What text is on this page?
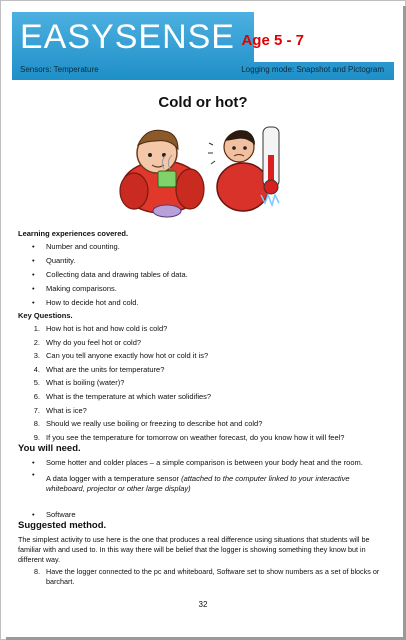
EASYSENSE Age 5 - 7
Sensors: Temperature	Logging mode: Snapshot and Pictogram
Cold or hot?
Learning experiences covered.
• Number and counting.
• Quantity.
• Collecting data and drawing tables of data.
• Making comparisons.
• How to decide hot and cold.
Key Questions.
1. How hot is hot and how cold is cold?
2. Why do you feel hot or cold?
3. Can you tell anyone exactly how hot or cold it is?
4. What are the units for temperature?
5. What is boiling (water)?
6. What is the temperature at which water solidifies?
7. What is ice?
8. Should we really use boiling or freezing to describe hot and cold?
9. If you see the temperature for tomorrow on weather forecast, do you know how it will feel?
You will need.
• Some hotter and colder places – a simple comparison is between your body heat and the room.
• A data logger with a temperature sensor (attached to the computer linked to your interactive whiteboard, projector or other large display)
• Software
Suggested method.
The simplest activity to use here is the one that produces a real difference using situations that students will be familiar with and used to. In this way there will be belief that the logger is showing something they know but in different way.
8. Have the logger connected to the pc and whiteboard, Software set to show numbers as a set of blocks or barchart.
32
